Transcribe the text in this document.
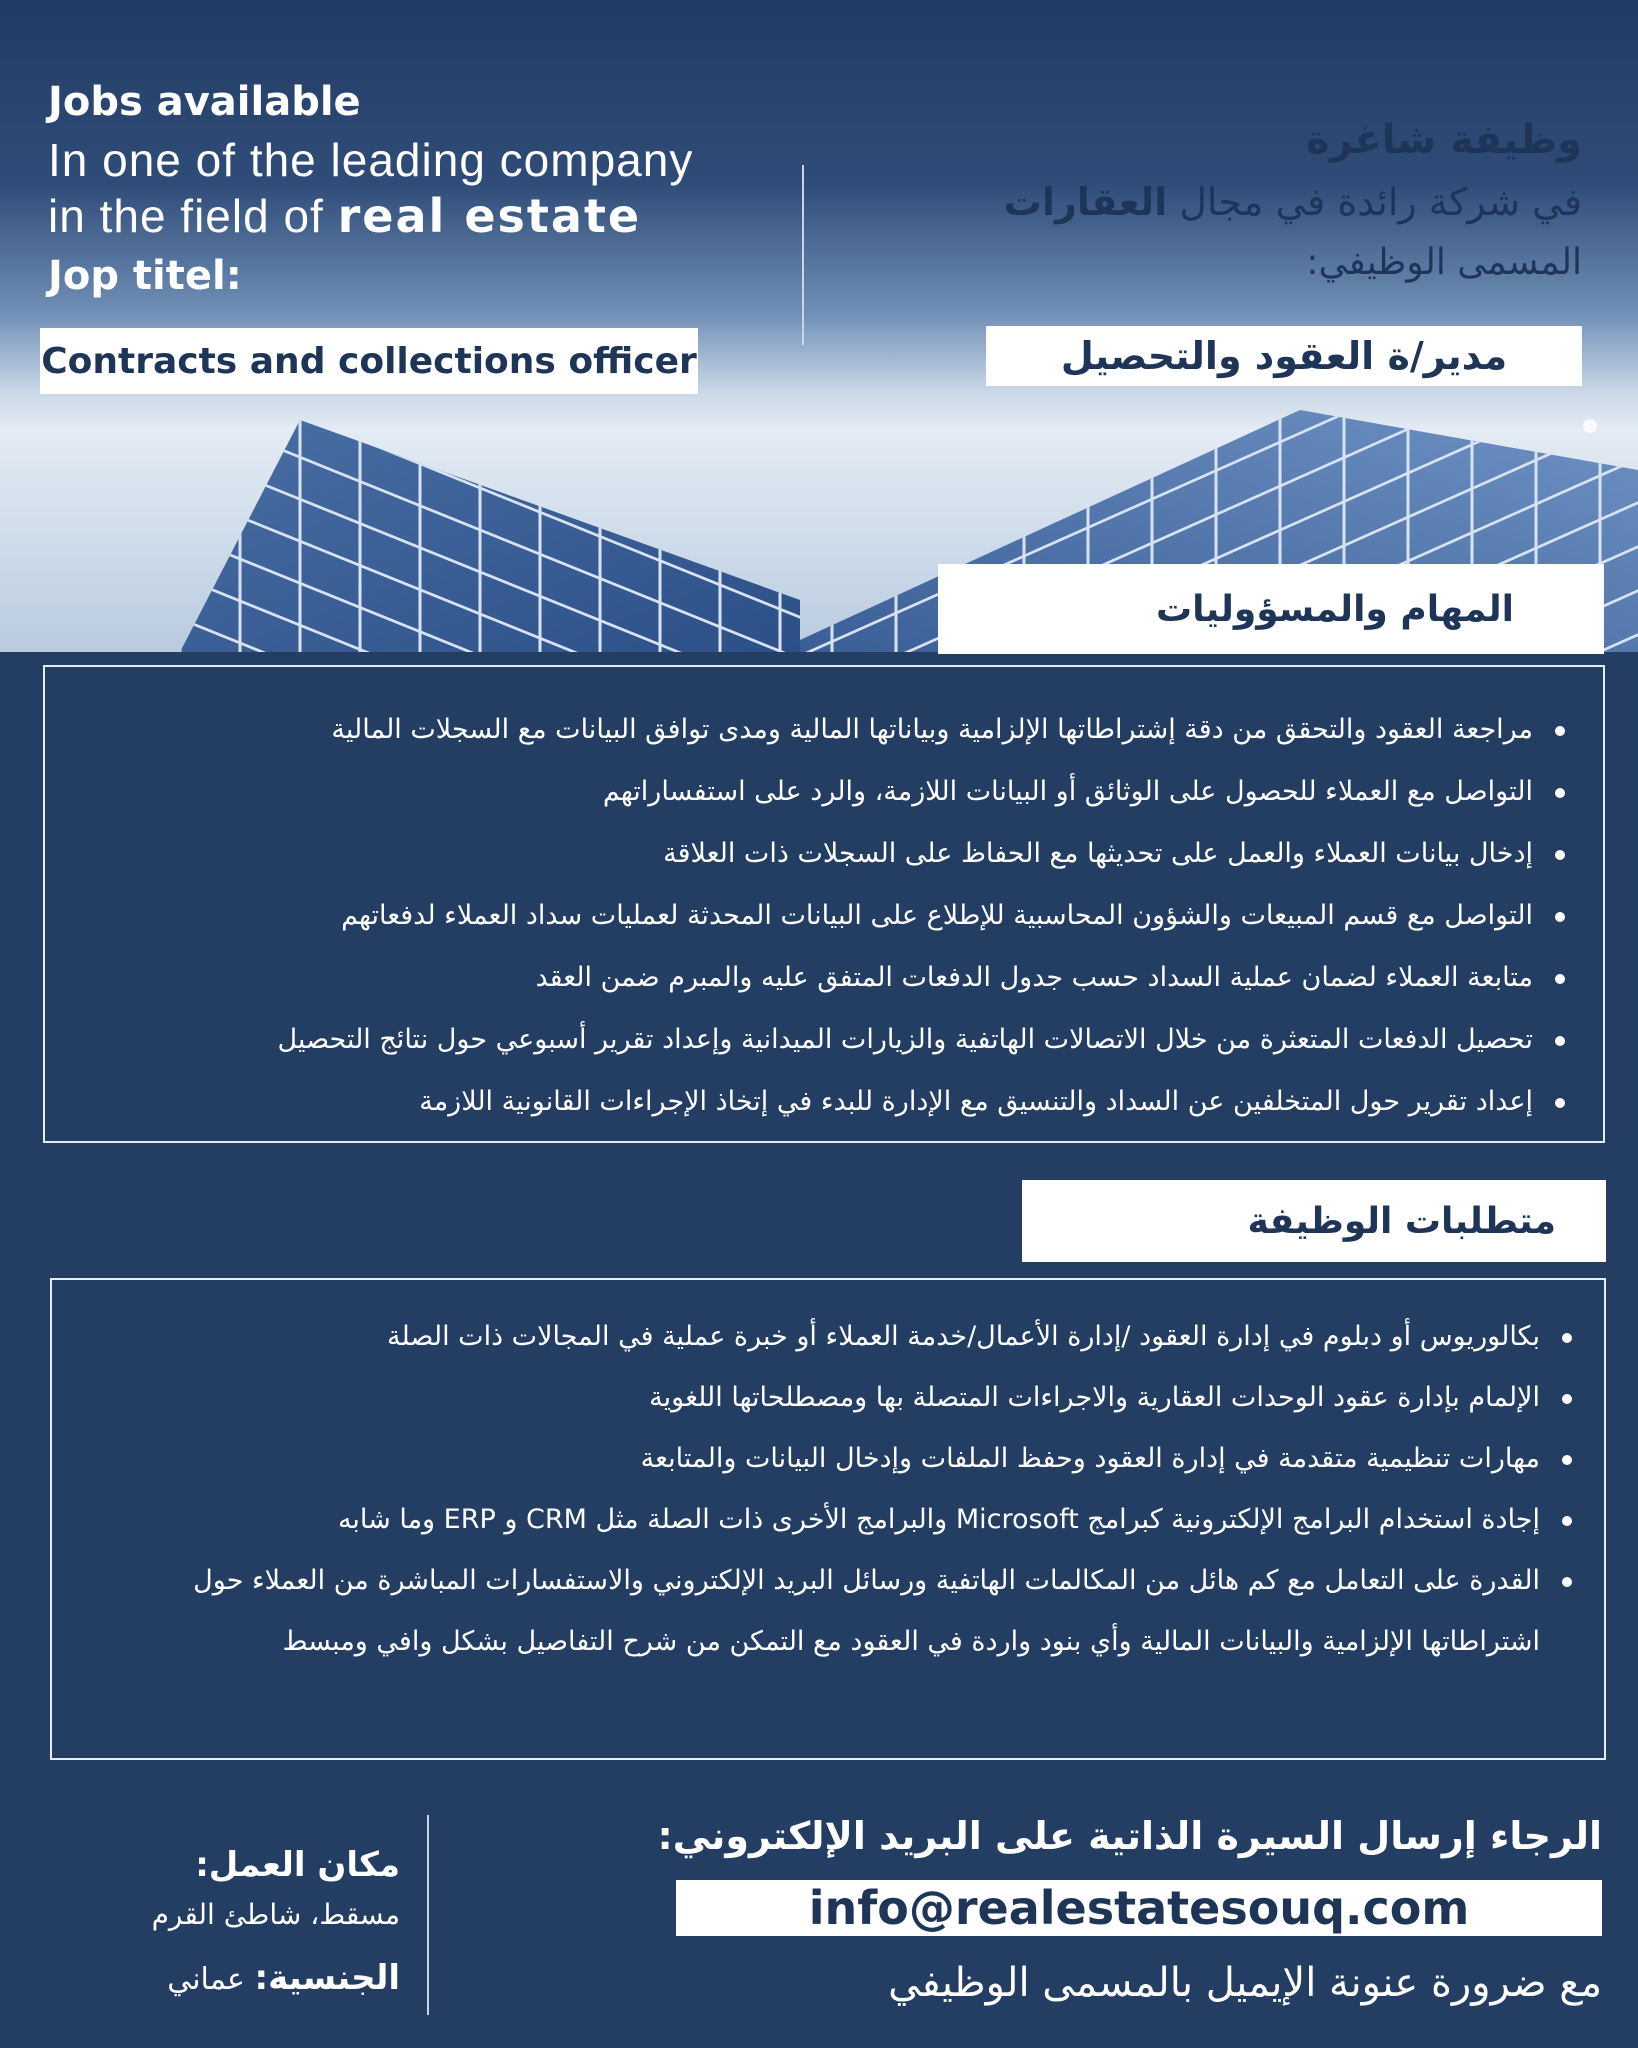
Jobs available
In one of the leading company
in the field of real estate
Jop titel:
Contracts and collections officer
وظيفة شاغرة
في شركة رائدة في مجال العقارات
المسمى الوظيفي:
مدير/ة العقود والتحصيل
المهام والمسؤوليات
مراجعة العقود والتحقق من دقة إشتراطاتها الإلزامية وبياناتها المالية ومدى توافق البيانات مع السجلات المالية
التواصل مع العملاء للحصول على الوثائق أو البيانات اللازمة، والرد على استفساراتهم
إدخال بيانات العملاء والعمل على تحديثها مع الحفاظ على السجلات ذات العلاقة
التواصل مع قسم المبيعات والشؤون المحاسبية للإطلاع على البيانات المحدثة لعمليات سداد العملاء لدفعاتهم
متابعة العملاء لضمان عملية السداد حسب جدول الدفعات المتفق عليه والمبرم ضمن العقد
تحصيل الدفعات المتعثرة من خلال الاتصالات الهاتفية والزيارات الميدانية وإعداد تقرير أسبوعي حول نتائج التحصيل
إعداد تقرير حول المتخلفين عن السداد والتنسيق مع الإدارة للبدء في إتخاذ الإجراءات القانونية اللازمة
متطلبات الوظيفة
بكالوريوس أو دبلوم في إدارة العقود /إدارة الأعمال/خدمة العملاء أو خبرة عملية في المجالات ذات الصلة
الإلمام بإدارة عقود الوحدات العقارية والاجراءات المتصلة بها ومصطلحاتها اللغوية
مهارات تنظيمية متقدمة في إدارة العقود وحفظ الملفات وإدخال البيانات والمتابعة
إجادة استخدام البرامج الإلكترونية كبرامج Microsoft والبرامج الأخرى ذات الصلة مثل CRM و ERP وما شابه
القدرة على التعامل مع كم هائل من المكالمات الهاتفية ورسائل البريد الإلكتروني والاستفسارات المباشرة من العملاء حول اشتراطاتها الإلزامية والبيانات المالية وأي بنود واردة في العقود مع التمكن من شرح التفاصيل بشكل وافي ومبسط
الرجاء إرسال السيرة الذاتية على البريد الإلكتروني:
info@realestatesouq.com
مع ضرورة عنونة الإيميل بالمسمى الوظيفي
مكان العمل:
مسقط، شاطئ القرم
الجنسية: عماني
